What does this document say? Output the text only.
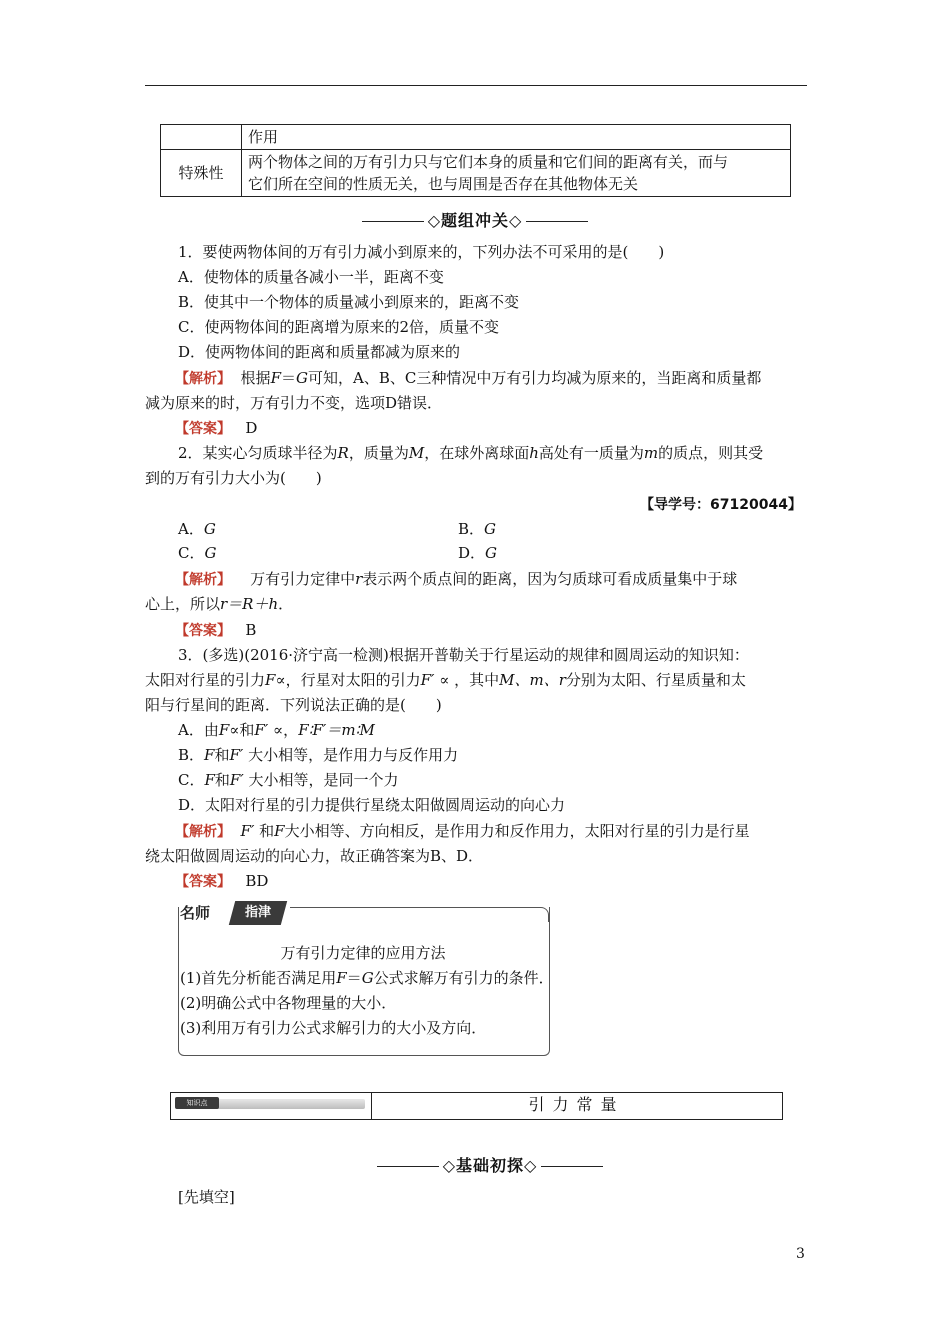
	作用
特殊性	两个物体之间的万有引力只与它们本身的质量和它们间的距离有关，而与
它们所在空间的性质无关，也与周围是否存在其他物体无关
◇题组冲关◇
1．要使两物体间的万有引力减小到原来的，下列办法不可采用的是(　　)
A．使物体的质量各减小一半，距离不变
B．使其中一个物体的质量减小到原来的，距离不变
C．使两物体间的距离增为原来的2倍，质量不变
D．使两物体间的距离和质量都减为原来的
【解析】 根据F＝G可知，A、B、C三种情况中万有引力均减为原来的，当距离和质量都
减为原来的时，万有引力不变，选项D错误．
【答案】 D
2．某实心匀质球半径为R，质量为M，在球外离球面h高处有一质量为m的质点，则其受
到的万有引力大小为(　　)
【导学号：67120044】
A．G	B．G
C．G	D．G
【解析】 万有引力定律中r表示两个质点间的距离，因为匀质球可看成质量集中于球
心上，所以r＝R＋h．
【答案】 B
3．(多选)(2016·济宁高一检测)根据开普勒关于行星运动的规律和圆周运动的知识知：
太阳对行星的引力F∝，行星对太阳的引力F′ ∝ ，其中M、m、r分别为太阳、行星质量和太
阳与行星间的距离．下列说法正确的是(　　)
A．由F∝和F′ ∝，F∶F′＝m∶M
B．F和F′ 大小相等，是作用力与反作用力
C．F和F′ 大小相等，是同一个力
D．太阳对行星的引力提供行星绕太阳做圆周运动的向心力
【解析】 F′ 和F大小相等、方向相反，是作用力和反作用力，太阳对行星的引力是行星
绕太阳做圆周运动的向心力，故正确答案为B、D．
【答案】 BD
名师	指津
万有引力定律的应用方法
(1)首先分析能否满足用F＝G公式求解万有引力的条件．
(2)明确公式中各物理量的大小．
(3)利用万有引力公式求解引力的大小及方向．
知识点	引力常量
◇基础初探◇
[先填空]
3
